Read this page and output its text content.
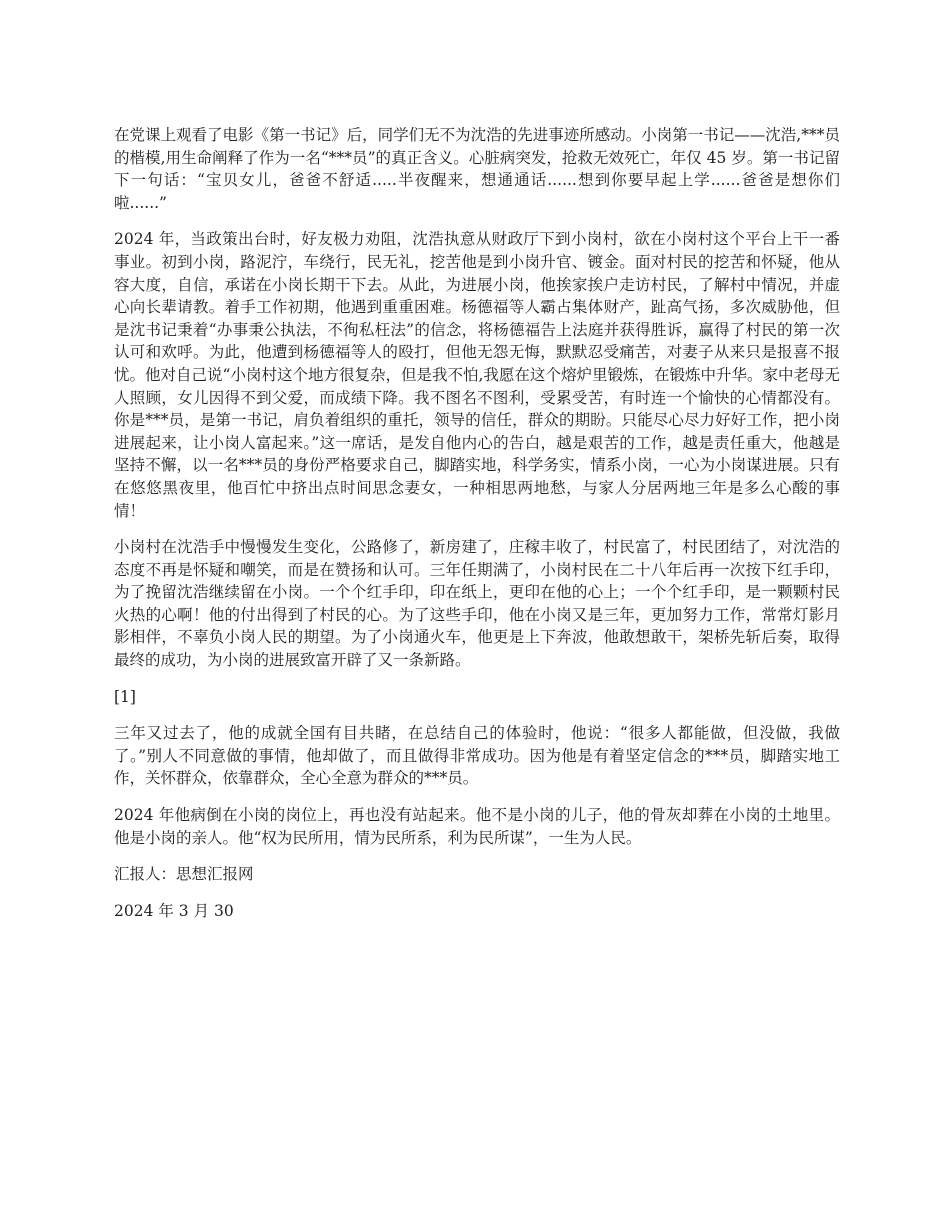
在党课上观看了电影《第一书记》后，同学们无不为沈浩的先进事迹所感动。小岗第一书记——沈浩,***员的楷模,用生命阐释了作为一名“***员”的真正含义。心脏病突发，抢救无效死亡，年仅 45 岁。第一书记留下一句话：“宝贝女儿，爸爸不舒适.....半夜醒来，想通通话......想到你要早起上学......爸爸是想你们啦......”

2024 年，当政策出台时，好友极力劝阻，沈浩执意从财政厅下到小岗村，欲在小岗村这个平台上干一番事业。初到小岗，路泥泞，车绕行，民无礼，挖苦他是到小岗升官、镀金。面对村民的挖苦和怀疑，他从容大度，自信，承诺在小岗长期干下去。从此，为进展小岗，他挨家挨户走访村民，了解村中情况，并虚心向长辈请教。着手工作初期，他遇到重重困难。杨德福等人霸占集体财产，趾高气扬，多次威胁他，但是沈书记秉着“办事秉公执法，不徇私枉法”的信念，将杨德福告上法庭并获得胜诉，赢得了村民的第一次认可和欢呼。为此，他遭到杨德福等人的殴打，但他无怨无悔，默默忍受痛苦，对妻子从来只是报喜不报忧。他对自己说“小岗村这个地方很复杂，但是我不怕,我愿在这个熔炉里锻炼，在锻炼中升华。家中老母无人照顾，女儿因得不到父爱，而成绩下降。我不图名不图利，受累受苦，有时连一个愉快的心情都没有。你是***员，是第一书记，肩负着组织的重托，领导的信任，群众的期盼。只能尽心尽力好好工作，把小岗进展起来，让小岗人富起来。”这一席话，是发自他内心的告白，越是艰苦的工作，越是责任重大，他越是坚持不懈，以一名***员的身份严格要求自己，脚踏实地，科学务实，情系小岗，一心为小岗谋进展。只有在悠悠黑夜里，他百忙中挤出点时间思念妻女，一种相思两地愁，与家人分居两地三年是多么心酸的事情！

小岗村在沈浩手中慢慢发生变化，公路修了，新房建了，庄稼丰收了，村民富了，村民团结了，对沈浩的态度不再是怀疑和嘲笑，而是在赞扬和认可。三年任期满了，小岗村民在二十八年后再一次按下红手印，为了挽留沈浩继续留在小岗。一个个红手印，印在纸上，更印在他的心上；一个个红手印，是一颗颗村民火热的心啊！他的付出得到了村民的心。为了这些手印，他在小岗又是三年，更加努力工作，常常灯影月影相伴，不辜负小岗人民的期望。为了小岗通火车，他更是上下奔波，他敢想敢干，架桥先斩后奏，取得最终的成功，为小岗的进展致富开辟了又一条新路。

[1]

三年又过去了，他的成就全国有目共睹，在总结自己的体验时，他说：“很多人都能做，但没做，我做了。”别人不同意做的事情，他却做了，而且做得非常成功。因为他是有着坚定信念的***员，脚踏实地工作，关怀群众，依靠群众，全心全意为群众的***员。

2024 年他病倒在小岗的岗位上，再也没有站起来。他不是小岗的儿子，他的骨灰却葬在小岗的土地里。他是小岗的亲人。他“权为民所用，情为民所系，利为民所谋”，一生为人民。

汇报人：思想汇报网

2024 年 3 月 30
